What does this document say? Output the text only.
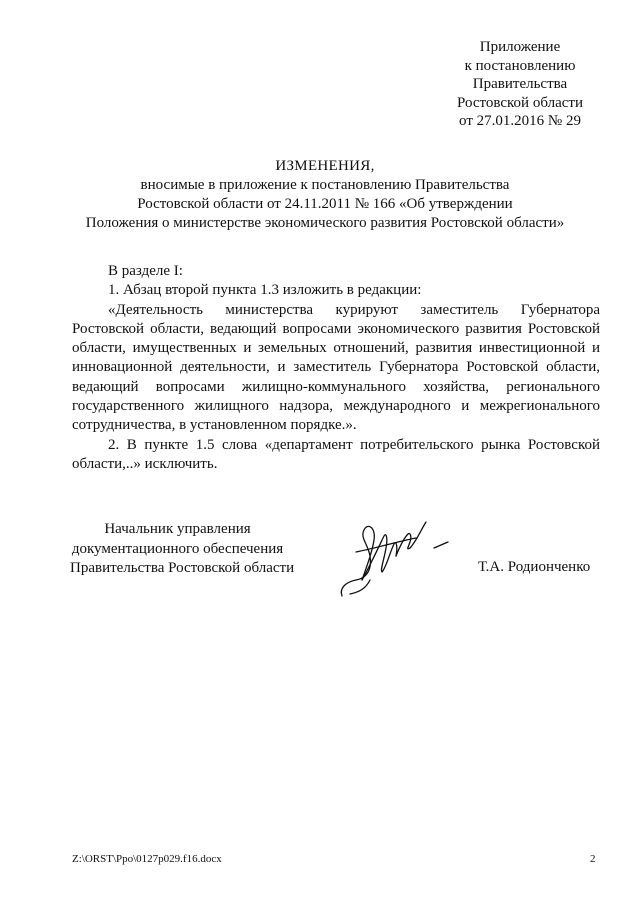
Приложение
к постановлению
Правительства
Ростовской области
от 27.01.2016 № 29
ИЗМЕНЕНИЯ,
вносимые в приложение к постановлению Правительства
Ростовской области от 24.11.2011 № 166 «Об утверждении
Положения о министерстве экономического развития Ростовской области»

В разделе I:

1. Абзац второй пункта 1.3 изложить в редакции:

«Деятельность министерства курируют заместитель Губернатора Ростовской области, ведающий вопросами экономического развития Ростовской области, имущественных и земельных отношений, развития инвестиционной и инновационной деятельности, и заместитель Губернатора Ростовской области, ведающий вопросами жилищно-коммунального хозяйства, регионального государственного жилищного надзора, международного и межрегионального сотрудничества, в установленном порядке.».

2. В пункте 1.5 слова «департамент потребительского рынка Ростовской области,..» исключить.

Начальник управления
документационного обеспечения
Правительства Ростовской области	Т.А. Родионченко
Z:\ORST\Ppo\0127p029.f16.docx	2
